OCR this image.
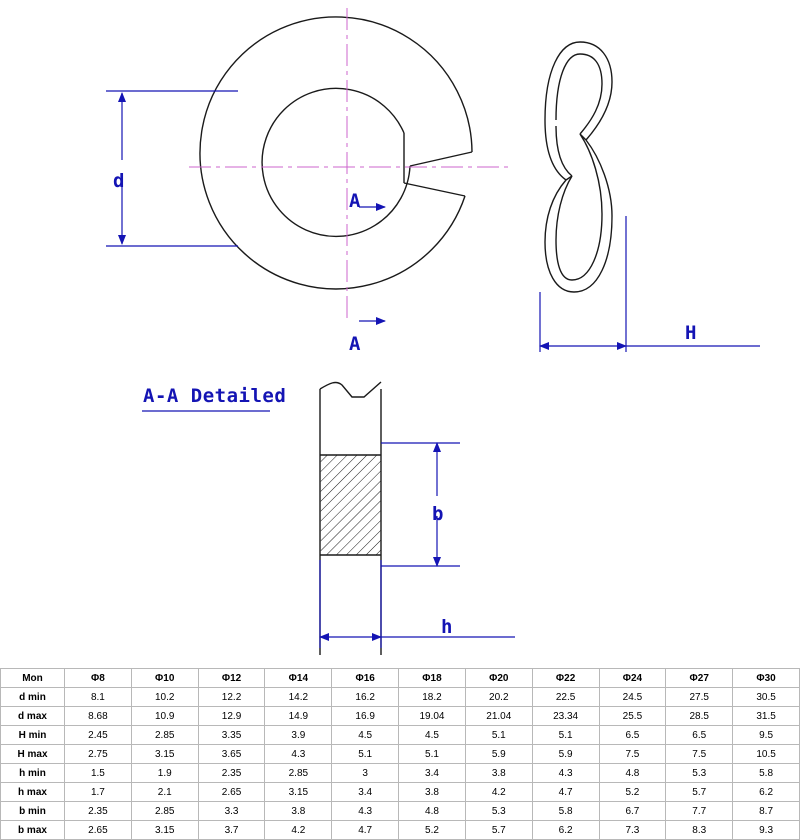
d
A
A	H
b
h
A-A Detailed
Mon	Φ8	Φ10	Φ12	Φ14	Φ16	Φ18	Φ20	Φ22	Φ24	Φ27	Φ30
d min	8.1	10.2	12.2	14.2	16.2	18.2	20.2	22.5	24.5	27.5	30.5
d max	8.68	10.9	12.9	14.9	16.9	19.04	21.04	23.34	25.5	28.5	31.5
H min	2.45	2.85	3.35	3.9	4.5	4.5	5.1	5.1	6.5	6.5	9.5
H max	2.75	3.15	3.65	4.3	5.1	5.1	5.9	5.9	7.5	7.5	10.5
h min	1.5	1.9	2.35	2.85	3	3.4	3.8	4.3	4.8	5.3	5.8
h max	1.7	2.1	2.65	3.15	3.4	3.8	4.2	4.7	5.2	5.7	6.2
b min	2.35	2.85	3.3	3.8	4.3	4.8	5.3	5.8	6.7	7.7	8.7
b max	2.65	3.15	3.7	4.2	4.7	5.2	5.7	6.2	7.3	8.3	9.3
